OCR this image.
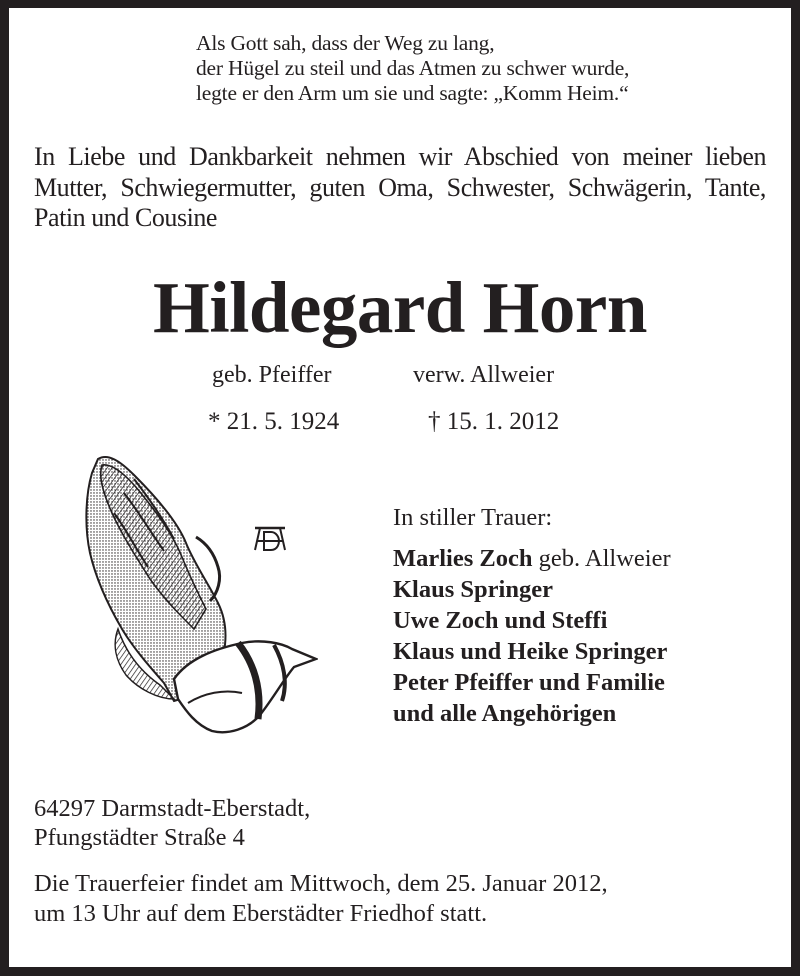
Als Gott sah, dass der Weg zu lang,
der Hügel zu steil und das Atmen zu schwer wurde,
legte er den Arm um sie und sagte: „Komm Heim.“
In Liebe und Dankbarkeit nehmen wir Abschied von meiner lieben Mutter, Schwiegermutter, guten Oma, Schwester, Schwägerin, Tante, Patin und Cousine
Hildegard Horn
geb. Pfeiffer	verw. Allweier
* 21. 5. 1924	† 15. 1. 2012
In stiller Trauer:
Marlies Zoch geb. Allweier
Klaus Springer
Uwe Zoch und Steffi
Klaus und Heike Springer
Peter Pfeiffer und Familie
und alle Angehörigen
64297 Darmstadt-Eberstadt,
Pfungstädter Straße 4
Die Trauerfeier findet am Mittwoch, dem 25. Januar 2012,
um 13 Uhr auf dem Eberstädter Friedhof statt.
